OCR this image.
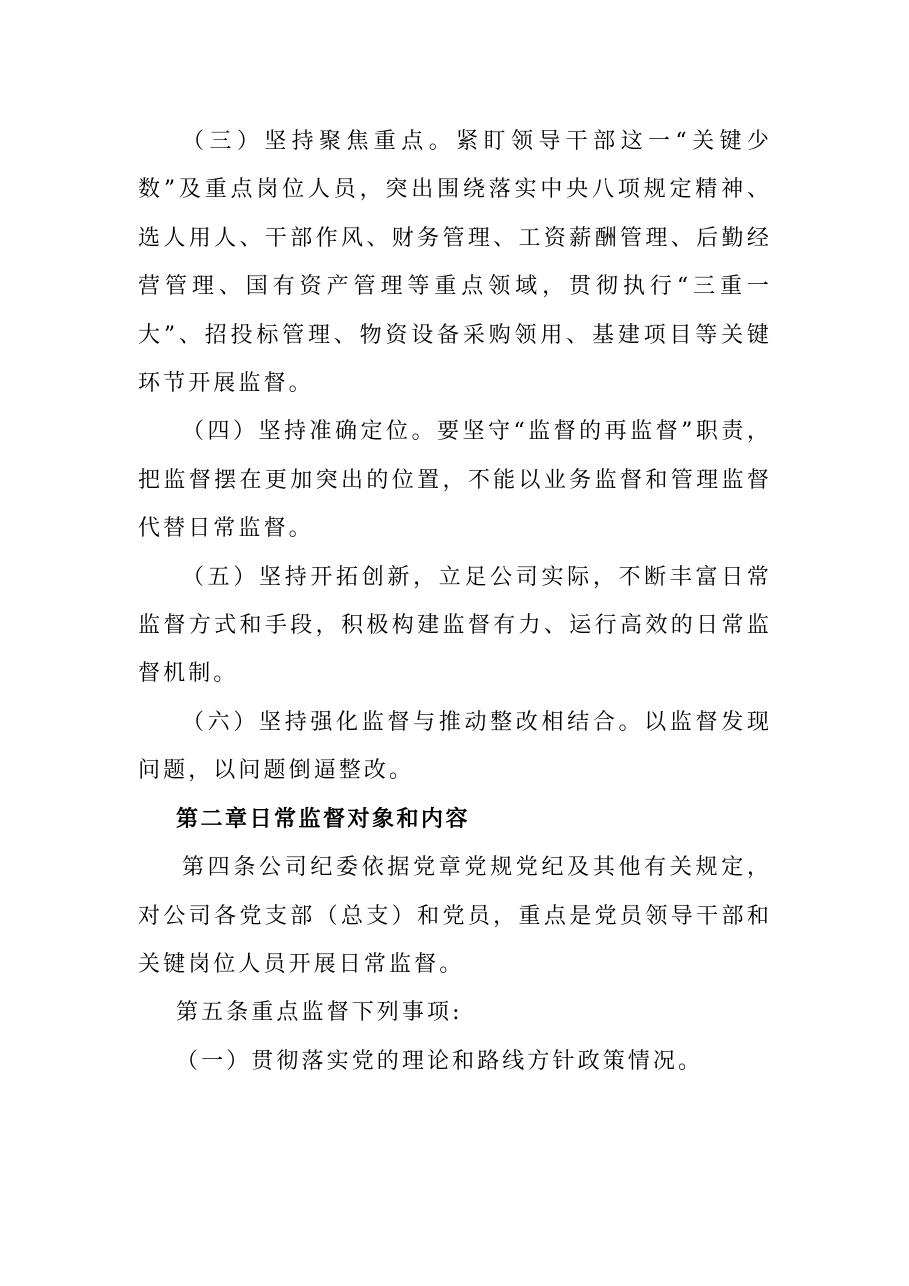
（三）坚持聚焦重点。紧盯领导干部这一“关键少数”及重点岗位人员，突出围绕落实中央八项规定精神、选人用人、干部作风、财务管理、工资薪酬管理、后勤经营管理、国有资产管理等重点领域，贯彻执行“三重一大”、招投标管理、物资设备采购领用、基建项目等关键环节开展监督。

（四）坚持准确定位。要坚守“监督的再监督”职责，把监督摆在更加突出的位置，不能以业务监督和管理监督代替日常监督。

（五）坚持开拓创新，立足公司实际，不断丰富日常监督方式和手段，积极构建监督有力、运行高效的日常监督机制。

（六）坚持强化监督与推动整改相结合。以监督发现问题，以问题倒逼整改。

第二章日常监督对象和内容

第四条公司纪委依据党章党规党纪及其他有关规定，对公司各党支部（总支）和党员，重点是党员领导干部和关键岗位人员开展日常监督。

第五条重点监督下列事项:

（一）贯彻落实党的理论和路线方针政策情况。
